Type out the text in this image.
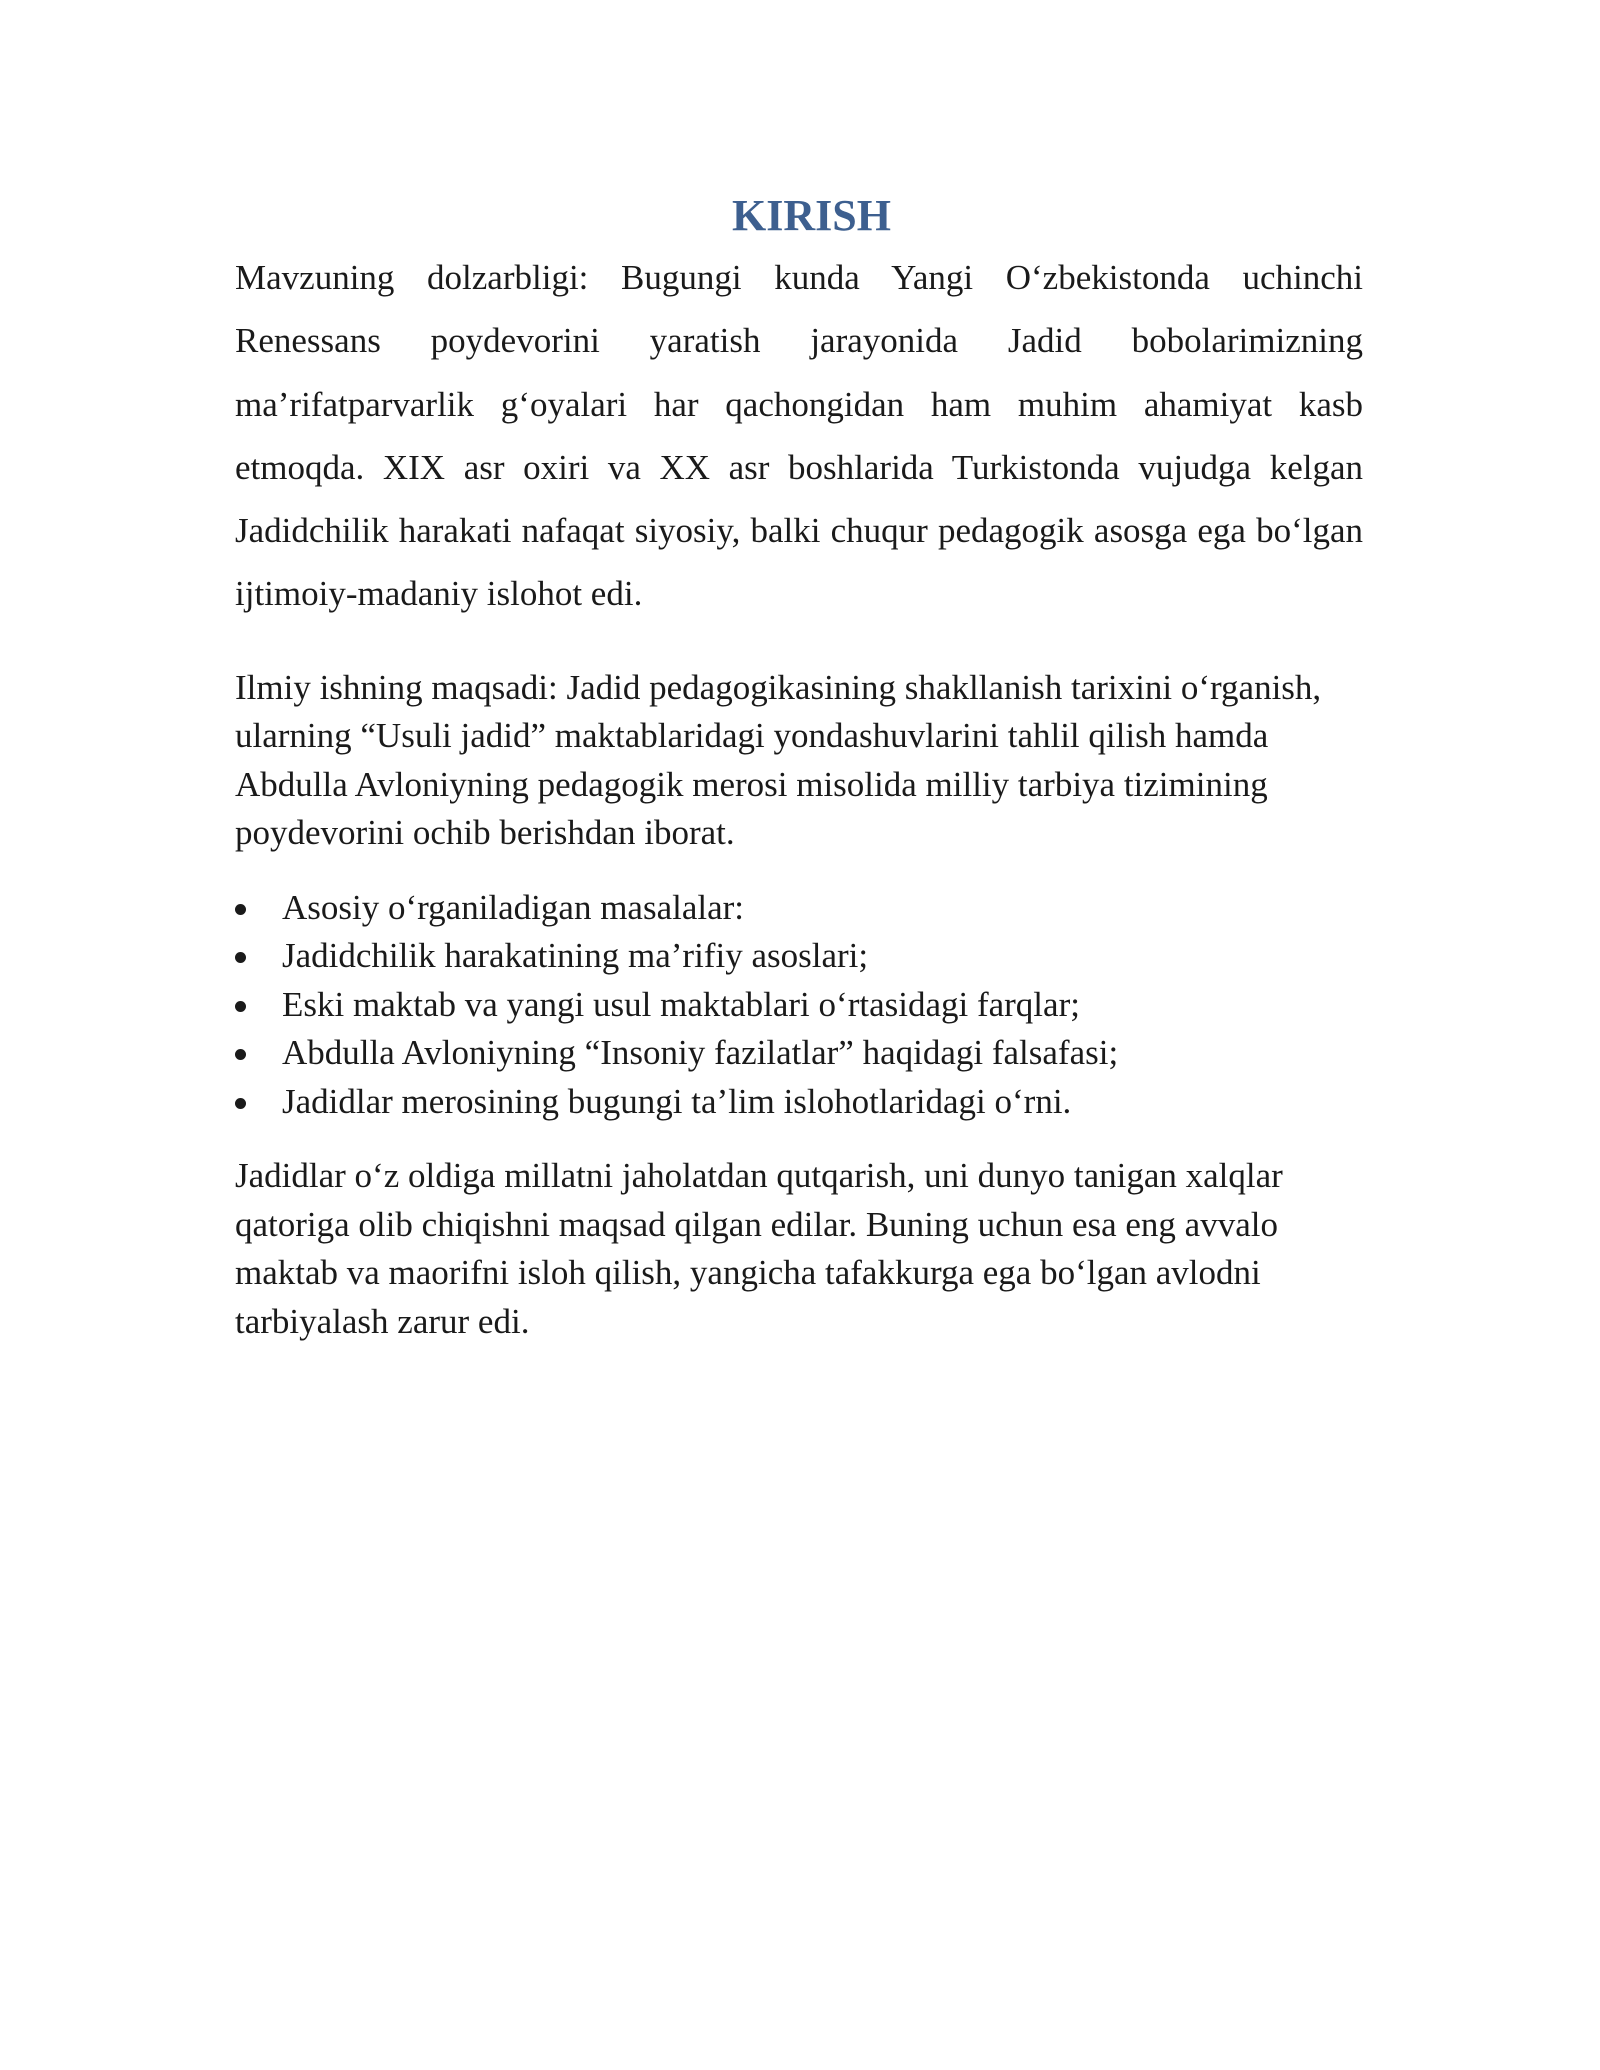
KIRISH

Mavzuning dolzarbligi: Bugungi kunda Yangi O‘zbekistonda uchinchi Renessans poydevorini yaratish jarayonida Jadid bobolarimizning ma’rifatparvarlik g‘oyalari har qachongidan ham muhim ahamiyat kasb etmoqda. XIX asr oxiri va XX asr boshlarida Turkistonda vujudga kelgan Jadidchilik harakati nafaqat siyosiy, balki chuqur pedagogik asosga ega bo‘lgan ijtimoiy-madaniy islohot edi.

Ilmiy ishning maqsadi: Jadid pedagogikasining shakllanish tarixini o‘rganish, ularning “Usuli jadid” maktablaridagi yondashuvlarini tahlil qilish hamda Abdulla Avloniyning pedagogik merosi misolida milliy tarbiya tizimining poydevorini ochib berishdan iborat.

Asosiy o‘rganiladigan masalalar:
Jadidchilik harakatining ma’rifiy asoslari;
Eski maktab va yangi usul maktablari o‘rtasidagi farqlar;
Abdulla Avloniyning “Insoniy fazilatlar” haqidagi falsafasi;
Jadidlar merosining bugungi ta’lim islohotlaridagi o‘rni.

Jadidlar o‘z oldiga millatni jaholatdan qutqarish, uni dunyo tanigan xalqlar qatoriga olib chiqishni maqsad qilgan edilar. Buning uchun esa eng avvalo maktab va maorifni isloh qilish, yangicha tafakkurga ega bo‘lgan avlodni tarbiyalash zarur edi.
